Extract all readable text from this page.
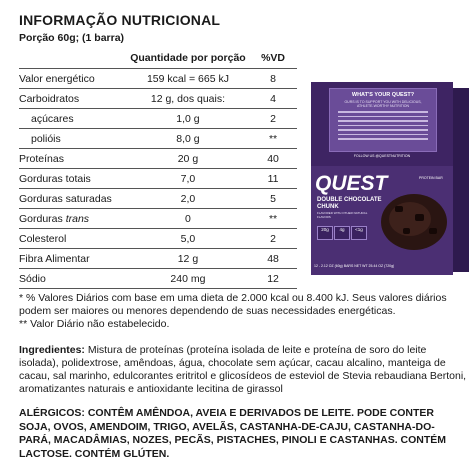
INFORMAÇÃO NUTRICIONAL
Porção 60g; (1 barra)
	Quantidade por porção	%VD
Valor energético	159 kcal = 665 kJ	8
Carboidratos	12 g, dos quais:	4
açúcares	1,0 g	2
polióis	8,0 g	**
Proteínas	20 g	40
Gorduras totais	7,0	11
Gorduras saturadas	2,0	5
Gorduras trans	0	**
Colesterol	5,0	2
Fibra Alimentar	12 g	48
Sódio	240 mg	12
WHAT'S YOUR QUEST?
OURS IS TO SUPPORT YOU WITH DELICIOUS, ATHLETE-WORTHY NUTRITION
FOLLOW US @QUESTNUTRITION
QUEST	PROTEIN BAR
DOUBLE CHOCOLATE CHUNK
FLAVORED WITH OTHER NATURAL FLAVORS
20g	4g	<1g
12 - 2.12 OZ (60g) BARS NET WT 25.44 OZ (720g)
* % Valores Diários com base em uma dieta de 2.000 kcal ou 8.400 kJ. Seus valores diários podem ser maiores ou menores dependendo de suas necessidades energéticas.
** Valor Diário não estabelecido.
Ingredientes: Mistura de proteínas (proteína isolada de leite e proteína de soro do leite isolada), polidextrose, amêndoas, água, chocolate sem açúcar, cacau alcalino, manteiga de cacau, sal marinho, edulcorantes eritritol e glicosídeos de esteviol de Stevia rebaudiana Bertoni, aromatizantes naturais e antioxidante lecitina de girassol
ALÉRGICOS: CONTÊM AMÊNDOA, AVEIA E DERIVADOS DE LEITE. PODE CONTER SOJA, OVOS, AMENDOIM, TRIGO, AVELÃS, CASTANHA-DE-CAJU, CASTANHA-DO- PARÁ, MACADÂMIAS, NOZES, PECÃS, PISTACHES, PINOLI E CASTANHAS. CONTÉM LACTOSE. CONTÉM GLÚTEN.
